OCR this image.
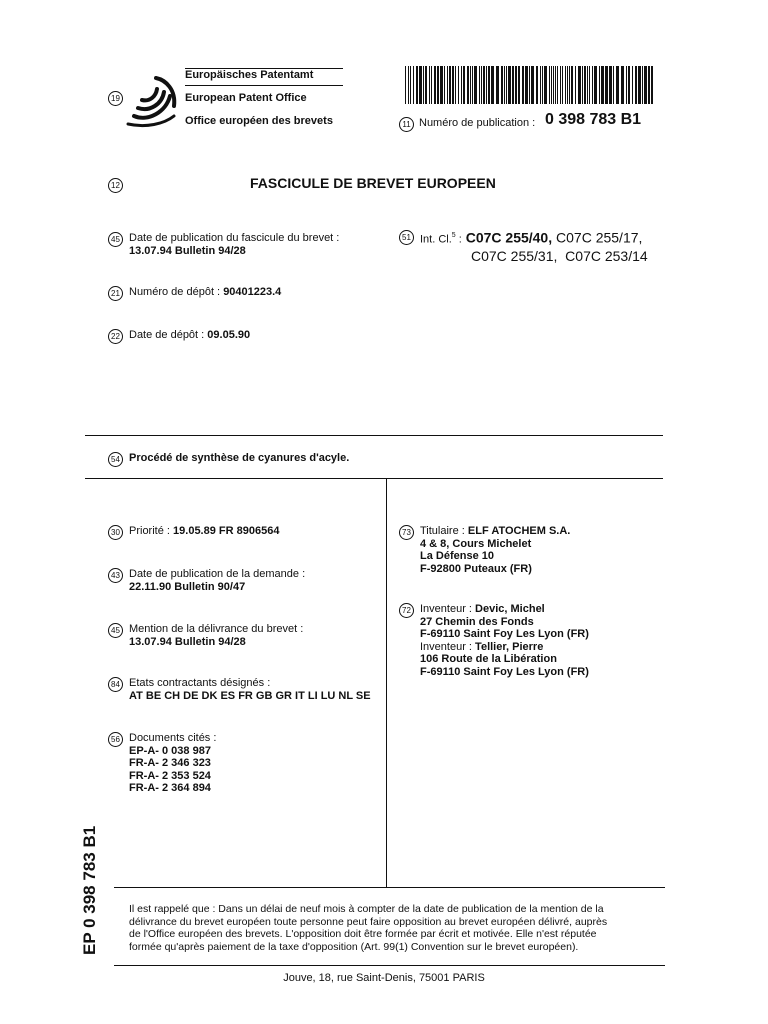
19
Europäisches Patentamt
European Patent Office
Office européen des brevets	11 Numéro de publication : 0 398 783 B1
12	FASCICULE DE BREVET EUROPEEN
45 Date de publication du fascicule du brevet :
13.07.94 Bulletin 94/28
51 Int. Cl.$^5$ : C07C 255/40, C07C 255/17,
C07C 255/31,  C07C 253/14
21 Numéro de dépôt : 90401223.4
22 Date de dépôt : 09.05.90
54 Procédé de synthèse de cyanures d'acyle.
30 Priorité : 19.05.89 FR 8906564
43 Date de publication de la demande :
22.11.90 Bulletin 90/47
45 Mention de la délivrance du brevet :
13.07.94 Bulletin 94/28
84 Etats contractants désignés :
AT BE CH DE DK ES FR GB GR IT LI LU NL SE
56 Documents cités :
EP-A- 0 038 987
FR-A- 2 346 323
FR-A- 2 353 524
FR-A- 2 364 894
73 Titulaire : ELF ATOCHEM S.A.
4 & 8, Cours Michelet
La Défense 10
F-92800 Puteaux (FR)
72 Inventeur : Devic, Michel
27 Chemin des Fonds
F-69110 Saint Foy Les Lyon (FR)
Inventeur : Tellier, Pierre
106 Route de la Libération
F-69110 Saint Foy Les Lyon (FR)
EP 0 398 783 B1	Il est rappelé que : Dans un délai de neuf mois à compter de la date de publication de la mention de la
délivrance du brevet européen toute personne peut faire opposition au brevet européen délivré, auprès
de l'Office européen des brevets. L'opposition doit être formée par écrit et motivée. Elle n'est réputée
formée qu'après paiement de la taxe d'opposition (Art. 99(1) Convention sur le brevet européen).
Jouve, 18, rue Saint-Denis, 75001 PARIS
